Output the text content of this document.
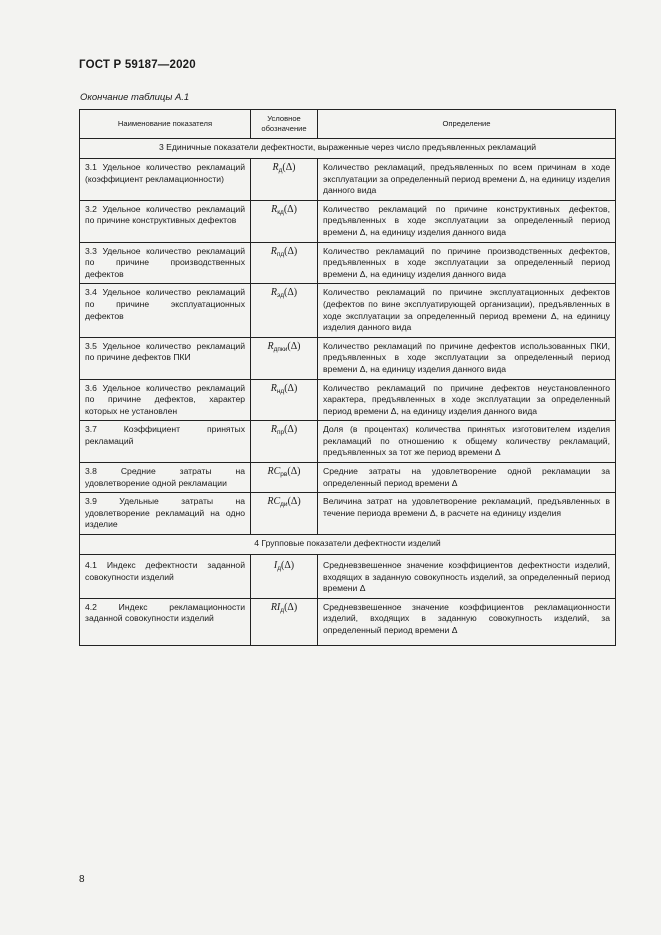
ГОСТ Р 59187—2020
Окончание таблицы А.1
Наименование показателя	Условное обозначение	Определение
3 Единичные показатели дефектности, выраженные через число предъявленных рекламаций		
3.1 Удельное количество рекламаций (коэффициент рекламационности)	$R_д(\Delta)$	Количество рекламаций, предъявленных по всем причинам в ходе эксплуатации за определенный период времени Δ, на единицу изделия данного вида
3.2 Удельное количество рекламаций по причине конструктивных дефектов	$R_{кд}(\Delta)$	Количество рекламаций по причине конструктивных дефектов, предъявленных в ходе эксплуатации за определенный период времени Δ, на единицу изделия данного вида
3.3 Удельное количество рекламаций по причине производственных дефектов	$R_{пд}(\Delta)$	Количество рекламаций по причине производственных дефектов, предъявленных в ходе эксплуатации за определенный период времени Δ, на единицу изделия данного вида
3.4 Удельное количество рекламаций по причине эксплуатационных дефектов	$R_{эд}(\Delta)$	Количество рекламаций по причине эксплуатационных дефектов (дефектов по вине эксплуатирующей организации), предъявленных в ходе эксплуатации за определенный период времени Δ, на единицу изделия данного вида
3.5 Удельное количество рекламаций по причине дефектов ПКИ	$R_{дпки}(\Delta)$	Количество рекламаций по причине дефектов использованных ПКИ, предъявленных в ходе эксплуатации за определенный период времени Δ, на единицу изделия данного вида
3.6 Удельное количество рекламаций по причине дефектов, характер которых не установлен	$R_{нд}(\Delta)$	Количество рекламаций по причине дефектов неустановленного характера, предъявленных в ходе эксплуатации за определенный период времени Δ, на единицу изделия данного вида
3.7 Коэффициент принятых рекламаций	$R_{пр}(\Delta)$	Доля (в процентах) количества принятых изготовителем изделия рекламаций по отношению к общему количеству рекламаций, предъявленных за тот же период времени Δ
3.8 Средние затраты на удовлетворение одной рекламации	$RC_{рв}(\Delta)$	Средние затраты на удовлетворение одной рекламации за определенный период времени Δ
3.9 Удельные затраты на удовлетворение рекламаций на одно изделие	$RC_{ди}(\Delta)$	Величина затрат на удовлетворение рекламаций, предъявленных в течение периода времени Δ, в расчете на единицу изделия
4 Групповые показатели дефектности изделий		
4.1 Индекс дефектности заданной совокупности изделий	$I_д(\Delta)$	Средневзвешенное значение коэффициентов дефектности изделий, входящих в заданную совокупность изделий, за определенный период времени Δ
4.2 Индекс рекламационности заданной совокупности изделий	$RI_д(\Delta)$	Средневзвешенное значение коэффициентов рекламационности изделий, входящих в заданную совокупность изделий, за определенный период времени Δ
8
